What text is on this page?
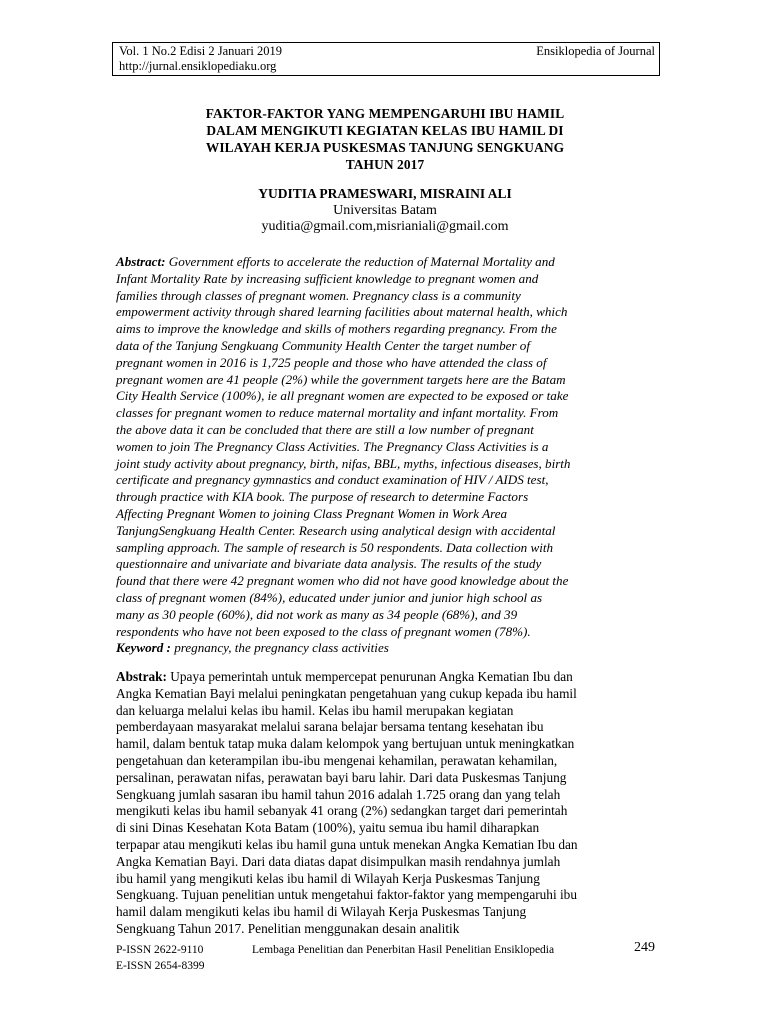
Vol. 1 No.2 Edisi 2 Januari 2019
http://jurnal.ensiklopediaku.org
Ensiklopedia of Journal
FAKTOR-FAKTOR YANG MEMPENGARUHI IBU HAMIL
DALAM MENGIKUTI KEGIATAN KELAS IBU HAMIL DI
WILAYAH KERJA PUSKESMAS TANJUNG SENGKUANG
TAHUN 2017
YUDITIA PRAMESWARI, MISRAINI ALI
Universitas Batam
yuditia@gmail.com,misrianiali@gmail.com
Abstract: Government efforts to accelerate the reduction of Maternal Mortality and
Infant Mortality Rate by increasing sufficient knowledge to pregnant women and
families through classes of pregnant women. Pregnancy class is a community
empowerment activity through shared learning facilities about maternal health, which
aims to improve the knowledge and skills of mothers regarding pregnancy. From the
data of the Tanjung Sengkuang Community Health Center the target number of
pregnant women in 2016 is 1,725 people and those who have attended the class of
pregnant women are 41 people (2%) while the government targets here are the Batam
City Health Service (100%), ie all pregnant women are expected to be exposed or take
classes for pregnant women to reduce maternal mortality and infant mortality. From
the above data it can be concluded that there are still a low number of pregnant
women to join The Pregnancy Class Activities. The Pregnancy Class Activities is a
joint study activity about pregnancy, birth, nifas, BBL, myths, infectious diseases, birth
certificate and pregnancy gymnastics and conduct examination of HIV / AIDS test,
through practice with KIA book. The purpose of research to determine Factors
Affecting Pregnant Women to joining Class Pregnant Women in Work Area
TanjungSengkuang Health Center. Research using analytical design with accidental
sampling approach. The sample of research is 50 respondents. Data collection with
questionnaire and univariate and bivariate data analysis. The results of the study
found that there were 42 pregnant women who did not have good knowledge about the
class of pregnant women (84%), educated under junior and junior high school as
many as 30 people (60%), did not work as many as 34 people (68%), and 39
respondents who have not been exposed to the class of pregnant women (78%).
Keyword : pregnancy, the pregnancy class activities
Abstrak: Upaya pemerintah untuk mempercepat penurunan Angka Kematian Ibu dan
Angka Kematian Bayi melalui peningkatan pengetahuan yang cukup kepada ibu hamil
dan keluarga melalui kelas ibu hamil. Kelas ibu hamil merupakan kegiatan
pemberdayaan masyarakat melalui sarana belajar bersama tentang kesehatan ibu
hamil, dalam bentuk tatap muka dalam kelompok yang bertujuan untuk meningkatkan
pengetahuan dan keterampilan ibu-ibu mengenai kehamilan, perawatan kehamilan,
persalinan, perawatan nifas, perawatan bayi baru lahir. Dari data Puskesmas Tanjung
Sengkuang jumlah sasaran ibu hamil tahun 2016 adalah 1.725 orang dan yang telah
mengikuti kelas ibu hamil sebanyak 41 orang (2%) sedangkan target dari pemerintah
di sini Dinas Kesehatan Kota Batam (100%), yaitu semua ibu hamil diharapkan
terpapar atau mengikuti kelas ibu hamil guna untuk menekan Angka Kematian Ibu dan
Angka Kematian Bayi. Dari data diatas dapat disimpulkan masih rendahnya jumlah
ibu hamil yang mengikuti kelas ibu hamil di Wilayah Kerja Puskesmas Tanjung
Sengkuang. Tujuan penelitian untuk mengetahui faktor-faktor yang mempengaruhi ibu
hamil dalam mengikuti kelas ibu hamil di Wilayah Kerja Puskesmas Tanjung
Sengkuang Tahun 2017. Penelitian menggunakan desain analitik
P-ISSN 2622-9110
E-ISSN 2654-8399
Lembaga Penelitian dan Penerbitan Hasil Penelitian Ensiklopedia	249
